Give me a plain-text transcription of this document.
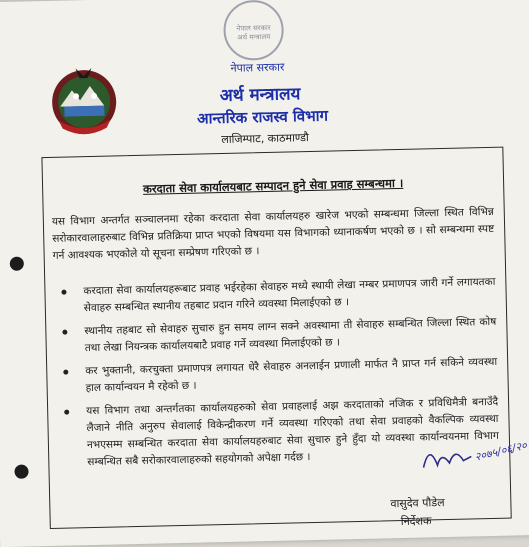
नेपाल सरकार
अर्थ मन्त्रालय
नेपाल सरकार
अर्थ मन्त्रालय
आन्तरिक राजस्व विभाग
लाजिम्पाट, काठमाण्डौ
करदाता सेवा कार्यालयबाट सम्पादन हुने सेवा प्रवाह सम्बन्धमा ।
यस विभाग अन्तर्गत सञ्चालनमा रहेका करदाता सेवा कार्यालयहरु खारेज भएको सम्बन्धमा जिल्ला स्थित विभिन्न सरोकारवालाहरुबाट विभिन्न प्रतिक्रिया प्राप्त भएको विषयमा यस विभागको ध्यानाकर्षण भएको छ । सो सम्बन्धमा स्पष्ट गर्न आवश्यक भएकोले यो सूचना सम्प्रेषण गरिएको छ ।
करदाता सेवा कार्यालयहरूबाट प्रवाह भईरहेका सेवाहरु मध्ये स्थायी लेखा नम्बर प्रमाणपत्र जारी गर्ने लगायतका सेवाहरु सम्बन्धित स्थानीय तहबाट प्रदान गरिने व्यवस्था मिलाईएको छ ।
स्थानीय तहबाट सो सेवाहरु सुचारु हुन समय लाग्न सक्ने अवस्थामा ती सेवाहरु सम्बन्धित जिल्ला स्थित कोष तथा लेखा नियन्त्रक कार्यालयबाटै प्रवाह गर्ने व्यवस्था मिलाईएको छ ।
कर भुक्तानी, करचुक्ता प्रमाणपत्र लगायत धेरै सेवाहरु अनलाईन प्रणाली मार्फत नै प्राप्त गर्न सकिने व्यवस्था हाल कार्यान्वयन मै रहेको छ ।
यस विभाग तथा अन्तर्गतका कार्यालयहरुको सेवा प्रवाहलाई अझ करदाताको नजिक र प्रविधिमैत्री बनाउँदै लैजाने नीति अनुरुप सेवालाई विकेन्द्रीकरण गर्ने व्यवस्था गरिएको तथा सेवा प्रवाहको वैकल्पिक व्यवस्था नभएसम्म सम्बन्धित करदाता सेवा कार्यालयहरुबाट सेवा सुचारु हुने हुँदा यो व्यवस्था कार्यान्वयनमा विभाग सम्बन्धित सबै सरोकारवालाहरुको सहयोगको अपेक्षा गर्दछ ।	२०७५/०६/२०
वासुदेव पौडेल
निर्देशक
